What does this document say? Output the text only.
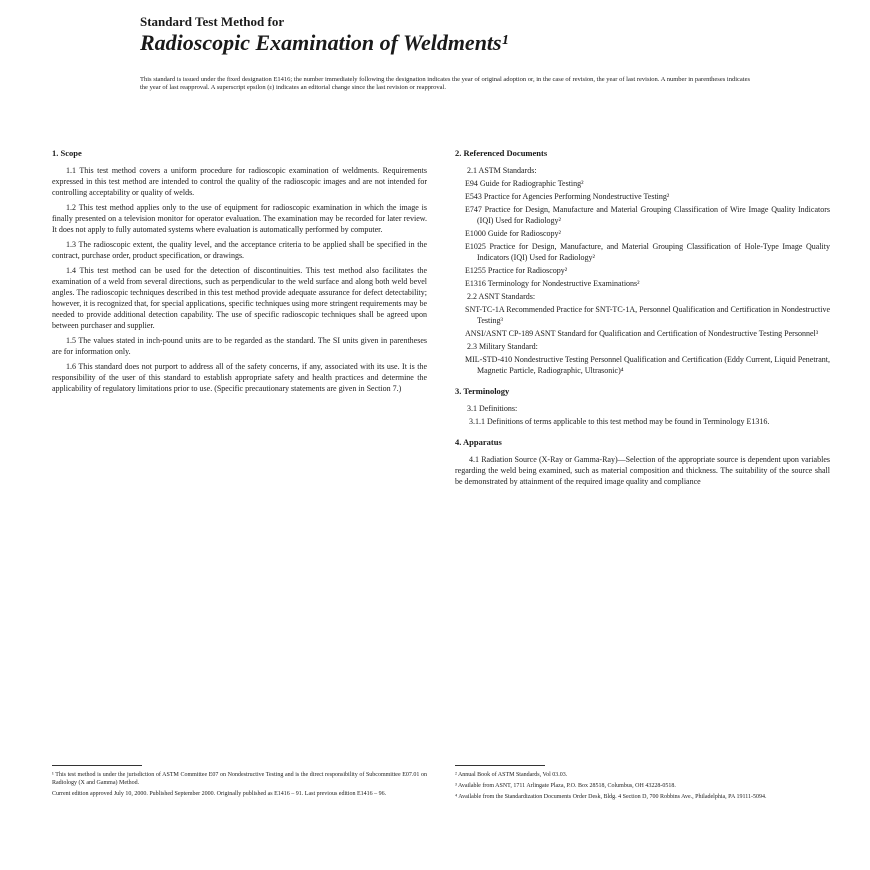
Standard Test Method for
Radioscopic Examination of Weldments¹
This standard is issued under the fixed designation E1416; the number immediately following the designation indicates the year of original adoption or, in the case of revision, the year of last revision. A number in parentheses indicates the year of last reapproval. A superscript epsilon (ε) indicates an editorial change since the last revision or reapproval.
1. Scope

1.1 This test method covers a uniform procedure for radioscopic examination of weldments. Requirements expressed in this test method are intended to control the quality of the radioscopic images and are not intended for controlling acceptability or quality of welds.

1.2 This test method applies only to the use of equipment for radioscopic examination in which the image is finally presented on a television monitor for operator evaluation. The examination may be recorded for later review. It does not apply to fully automated systems where evaluation is automatically performed by computer.

1.3 The radioscopic extent, the quality level, and the acceptance criteria to be applied shall be specified in the contract, purchase order, product specification, or drawings.

1.4 This test method can be used for the detection of discontinuities. This test method also facilitates the examination of a weld from several directions, such as perpendicular to the weld surface and along both weld bevel angles. The radioscopic techniques described in this test method provide adequate assurance for defect detectability; however, it is recognized that, for special applications, specific techniques using more stringent requirements may be needed to provide additional detection capability. The use of specific radioscopic techniques shall be agreed upon between purchaser and supplier.

1.5 The values stated in inch-pound units are to be regarded as the standard. The SI units given in parentheses are for information only.

1.6 This standard does not purport to address all of the safety concerns, if any, associated with its use. It is the responsibility of the user of this standard to establish appropriate safety and health practices and determine the applicability of regulatory limitations prior to use. (Specific precautionary statements are given in Section 7.)

2. Referenced Documents

2.1 ASTM Standards:

E94 Guide for Radiographic Testing²

E543 Practice for Agencies Performing Nondestructive Testing²

E747 Practice for Design, Manufacture and Material Grouping Classification of Wire Image Quality Indicators (IQI) Used for Radiology²

E1000 Guide for Radioscopy²

E1025 Practice for Design, Manufacture, and Material Grouping Classification of Hole-Type Image Quality Indicators (IQI) Used for Radiology²

E1255 Practice for Radioscopy²

E1316 Terminology for Nondestructive Examinations²

2.2 ASNT Standards:

SNT-TC-1A Recommended Practice for SNT-TC-1A, Personnel Qualification and Certification in Nondestructive Testing³

ANSI/ASNT CP-189 ASNT Standard for Qualification and Certification of Nondestructive Testing Personnel³

2.3 Military Standard:

MIL-STD-410 Nondestructive Testing Personnel Qualification and Certification (Eddy Current, Liquid Penetrant, Magnetic Particle, Radiographic, Ultrasonic)⁴

3. Terminology

3.1 Definitions:

3.1.1 Definitions of terms applicable to this test method may be found in Terminology E1316.

4. Apparatus

4.1 Radiation Source (X-Ray or Gamma-Ray)—Selection of the appropriate source is dependent upon variables regarding the weld being examined, such as material composition and thickness. The suitability of the source shall be demonstrated by attainment of the required image quality and compliance

¹ This test method is under the jurisdiction of ASTM Committee E07 on Nondestructive Testing and is the direct responsibility of Subcommittee E07.01 on Radiology (X and Gamma) Method.

Current edition approved July 10, 2000. Published September 2000. Originally published as E1416 – 91. Last previous edition E1416 – 96.

² Annual Book of ASTM Standards, Vol 03.03.

³ Available from ASNT, 1711 Arlingate Plaza, P.O. Box 28518, Columbus, OH 43228-0518.

⁴ Available from the Standardization Documents Order Desk, Bldg. 4 Section D, 700 Robbins Ave., Philadelphia, PA 19111-5094.
